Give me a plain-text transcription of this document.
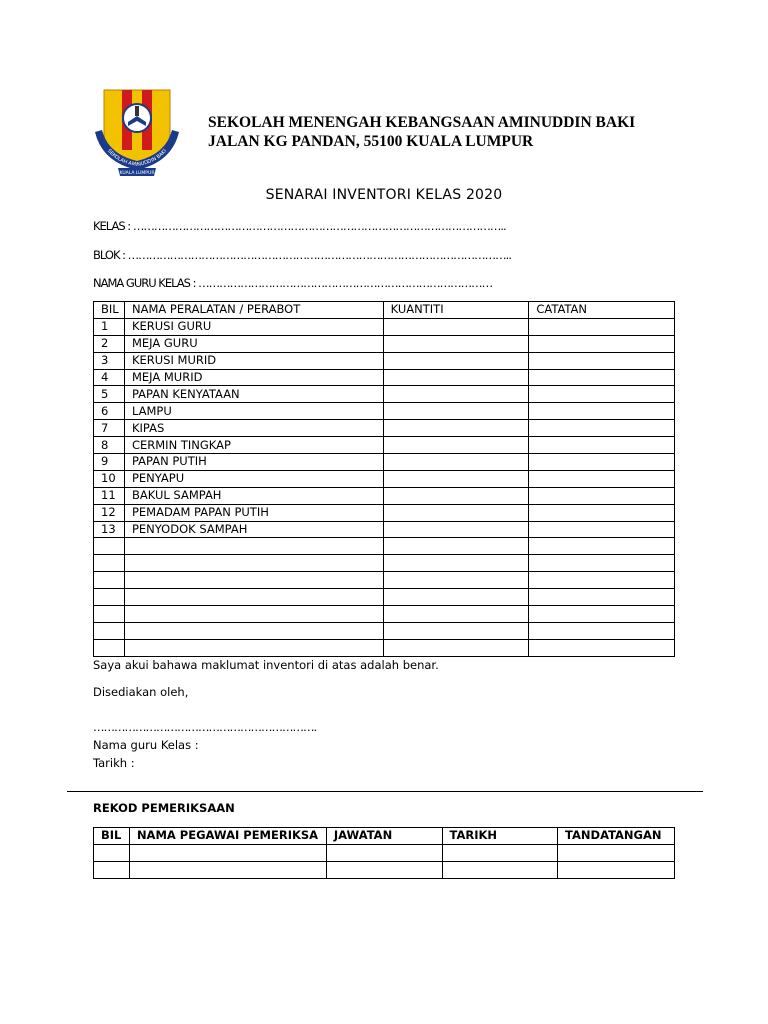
KUALA LUMPUR
SEKOLAH AMINUDDIN BAKI
SEKOLAH MENENGAH KEBANGSAAN AMINUDDIN BAKI
JALAN KG PANDAN, 55100 KUALA LUMPUR
SENARAI INVENTORI KELAS 2020
KELAS : ……………………………………………………………………………………………..
BLOK : ………………………………………………………………………………………………..
NAMA GURU KELAS : …………………………………………………………………………
BIL	NAMA PERALATAN / PERABOT	KUANTITI	CATATAN
1	KERUSI GURU		
2	MEJA GURU		
3	KERUSI MURID		
4	MEJA MURID		
5	PAPAN KENYATAAN		
6	LAMPU		
7	KIPAS		
8	CERMIN TINGKAP		
9	PAPAN PUTIH		
10	PENYAPU		
11	BAKUL SAMPAH		
12	PEMADAM PAPAN PUTIH		
13	PENYODOK SAMPAH		

Saya akui bahawa maklumat inventori di atas adalah benar.
Disediakan oleh,
……………………………………………………….
Nama guru Kelas :
Tarikh :
REKOD PEMERIKSAAN
BIL	NAMA PEGAWAI PEMERIKSA	JAWATAN	TARIKH	TANDATANGAN
